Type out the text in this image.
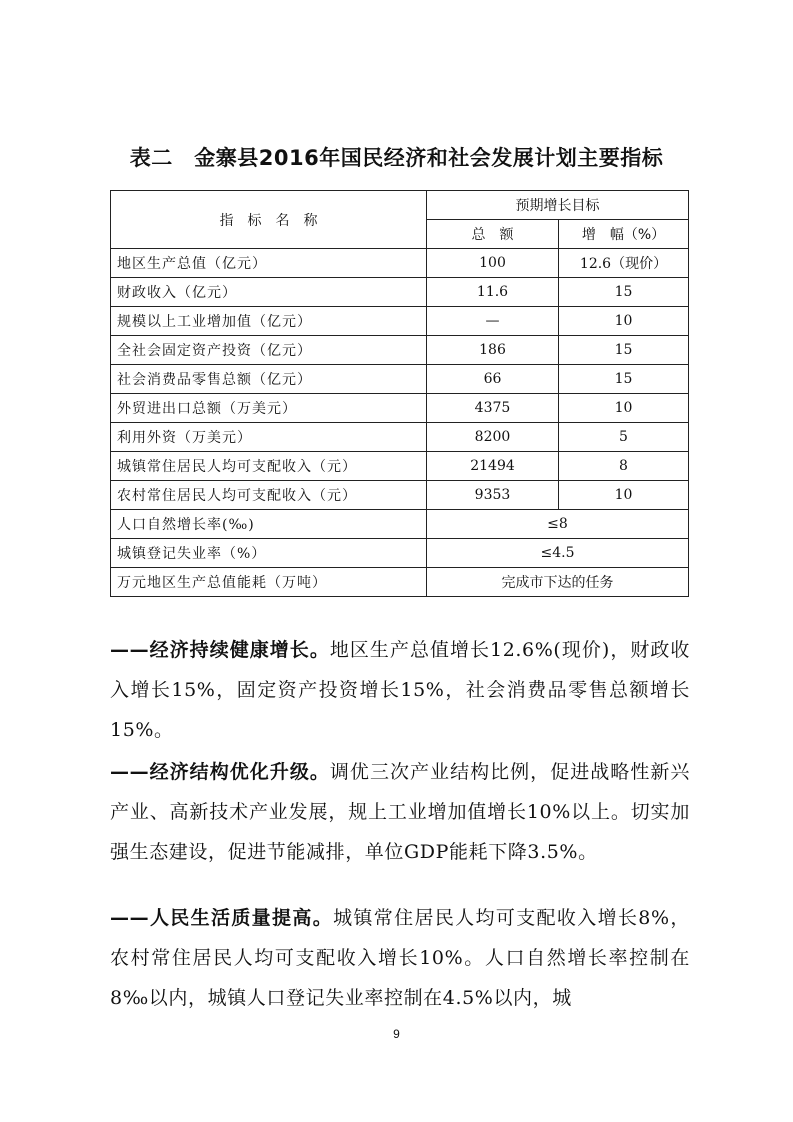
表二　金寨县2016年国民经济和社会发展计划主要指标
指　标　名　称	预期增长目标	
	总　额	增　幅（%）
地区生产总值（亿元）	100	12.6（现价）
财政收入（亿元）	11.6	15
规模以上工业增加值（亿元）	—	10
全社会固定资产投资（亿元）	186	15
社会消费品零售总额（亿元）	66	15
外贸进出口总额（万美元）	4375	10
利用外资（万美元）	8200	5
城镇常住居民人均可支配收入（元）	21494	8
农村常住居民人均可支配收入（元）	9353	10
人口自然增长率(‰)	≤8	
城镇登记失业率（%）	≤4.5	
万元地区生产总值能耗（万吨）	完成市下达的任务	

——经济持续健康增长。地区生产总值增长12.6%(现价)，财政收入增长15%，固定资产投资增长15%，社会消费品零售总额增长15%。

——经济结构优化升级。调优三次产业结构比例，促进战略性新兴产业、高新技术产业发展，规上工业增加值增长10%以上。切实加强生态建设，促进节能减排，单位GDP能耗下降3.5%。

——人民生活质量提高。城镇常住居民人均可支配收入增长8%，农村常住居民人均可支配收入增长10%。人口自然增长率控制在8‰以内，城镇人口登记失业率控制在4.5%以内，城

9
